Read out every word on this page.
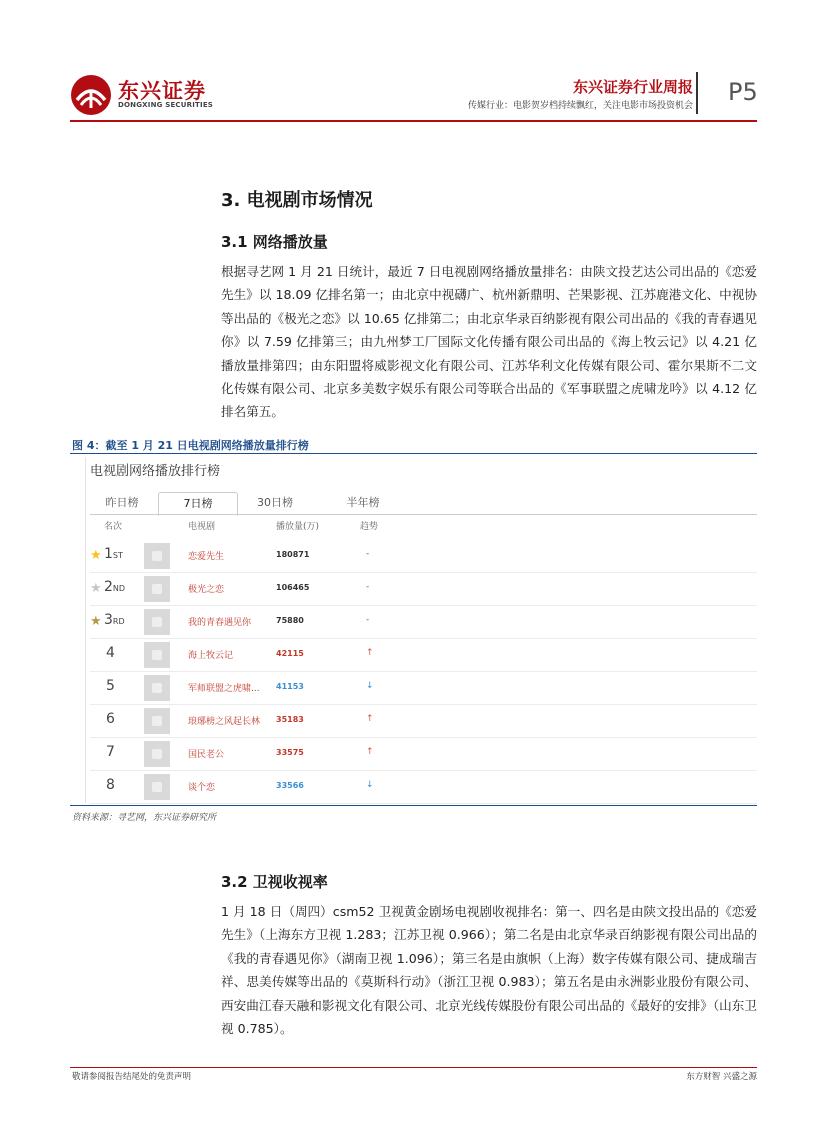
东兴证券
DONGXING SECURITIES
东兴证券行业周报
传媒行业：电影贺岁档持续飘红，关注电影市场投资机会 P5
3. 电视剧市场情况
3.1 网络播放量
根据寻艺网 1 月 21 日统计，最近 7 日电视剧网络播放量排名：由陕文投艺达公司出品的《恋爱先生》以 18.09 亿排名第一；由北京中视礴广、杭州新鼎明、芒果影视、江苏鹿港文化、中视协等出品的《极光之恋》以 10.65 亿排第二；由北京华录百纳影视有限公司出品的《我的青春遇见你》以 7.59 亿排第三；由九州梦工厂国际文化传播有限公司出品的《海上牧云记》以 4.21 亿播放量排第四；由东阳盟将威影视文化有限公司、江苏华利文化传媒有限公司、霍尔果斯不二文化传媒有限公司、北京多美数字娱乐有限公司等联合出品的《军事联盟之虎啸龙吟》以 4.12 亿排名第五。
图 4：截至 1 月 21 日电视剧网络播放量排行榜
电视剧网络播放排行榜
昨日榜	7日榜	30日榜	半年榜
名次	电视剧	播放量(万)	趋势
★ 1ST	恋爱先生	180871	-
★ 2ND	极光之恋	106465	-
★ 3RD	我的青春遇见你	75880	-
4	海上牧云记	42115	↑
5	军师联盟之虎啸...	41153	↓
6	琅琊榜之风起长林	35183	↑
7	国民老公	33575	↑
8	谈个恋	33566	↓
资料来源：寻艺网，东兴证券研究所
3.2 卫视收视率
1 月 18 日（周四）csm52 卫视黄金剧场电视剧收视排名：第一、四名是由陕文投出品的《恋爱先生》（上海东方卫视 1.283；江苏卫视 0.966）；第二名是由北京华录百纳影视有限公司出品的《我的青春遇见你》（湖南卫视 1.096）；第三名是由旗帜（上海）数字传媒有限公司、捷成瑞吉祥、思美传媒等出品的《莫斯科行动》（浙江卫视 0.983）；第五名是由永洲影业股份有限公司、西安曲江春天融和影视文化有限公司、北京光线传媒股份有限公司出品的《最好的安排》（山东卫视 0.785）。
敬请参阅报告结尾处的免责声明	东方财智 兴盛之源
